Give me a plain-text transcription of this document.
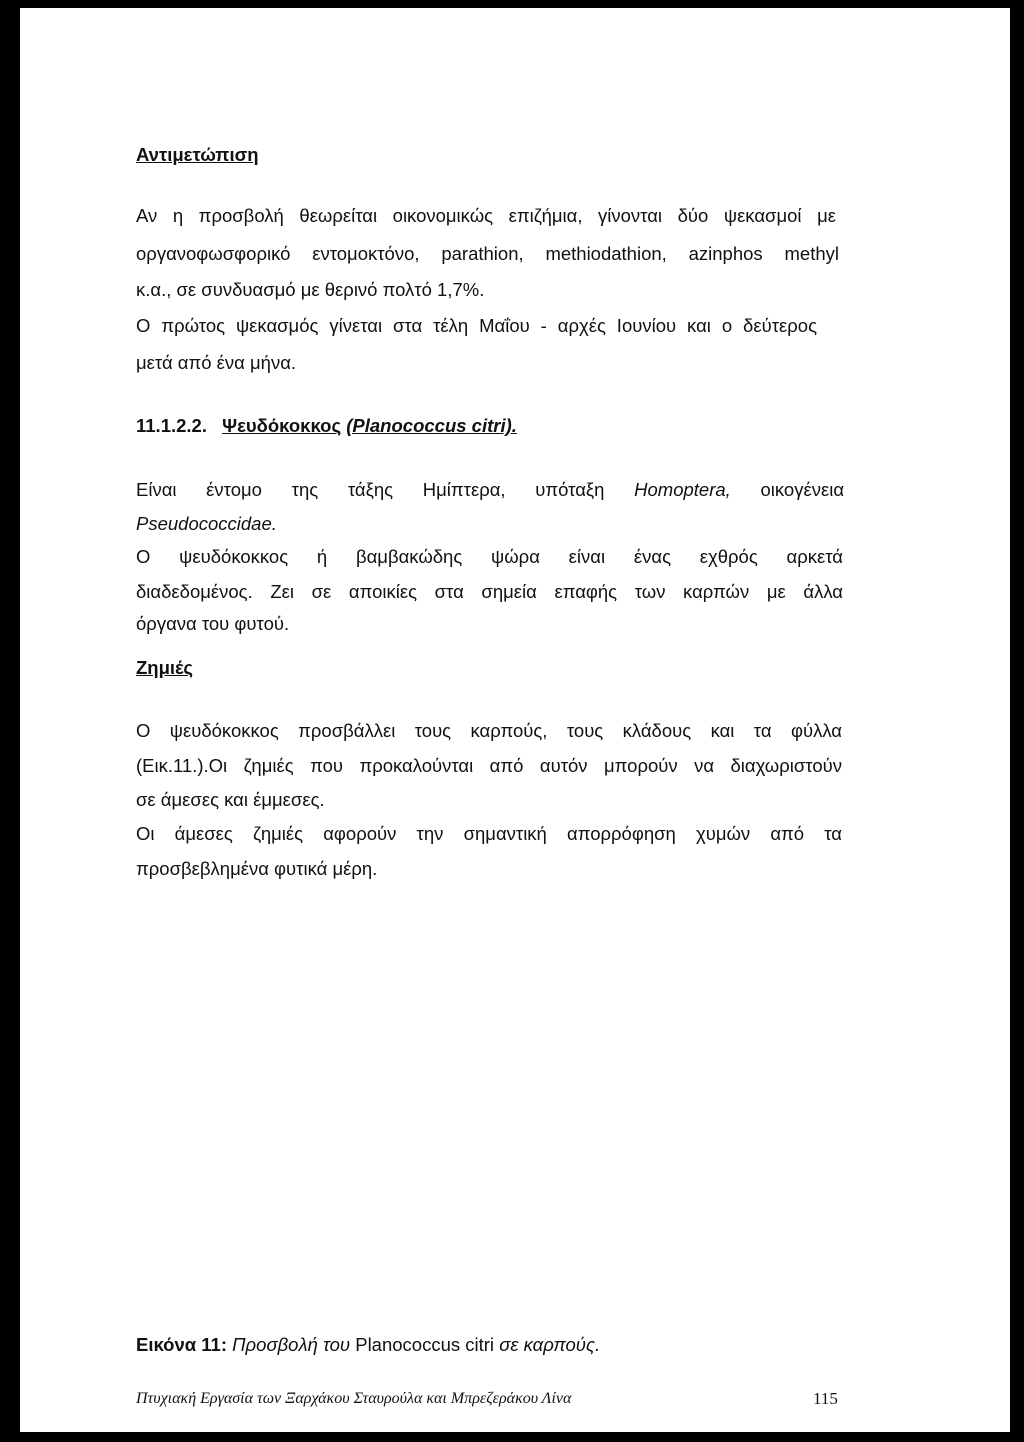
Αντιμετώπιση
Αν η προσβολή θεωρείται οικονομικώς επιζήμια, γίνονται δύο ψεκασμοί με
οργανοφωσφορικό εντομοκτόνο, parathion, methiodathion, azinphos methyl
κ.α., σε συνδυασμό με θερινό πολτό 1,7%.
Ο πρώτος ψεκασμός γίνεται στα τέλη Μαΐου - αρχές Ιουνίου και ο δεύτερος
μετά από ένα μήνα.
11.1.2.2. Ψευδόκοκκος (Planococcus citri).
Είναι έντομο της τάξης Ημίπτερα, υπόταξη Homoptera, οικογένεια
Pseudococcidae.
Ο ψευδόκοκκος ή βαμβακώδης ψώρα είναι ένας εχθρός αρκετά
διαδεδομένος. Ζει σε αποικίες στα σημεία επαφής των καρπών με άλλα
όργανα του φυτού.
Ζημιές
Ο ψευδόκοκκος προσβάλλει τους καρπούς, τους κλάδους και τα φύλλα
(Εικ.11.).Οι ζημιές που προκαλούνται από αυτόν μπορούν να διαχωριστούν
σε άμεσες και έμμεσες.
Οι άμεσες ζημιές αφορούν την σημαντική απορρόφηση χυμών από τα
προσβεβλημένα φυτικά μέρη.
Εικόνα 11: Προσβολή του Planococcus citri σε καρπούς.
Πτυχιακή Εργασία των Ξαρχάκου Σταυρούλα και Μπρεζεράκου Λίνα	115
